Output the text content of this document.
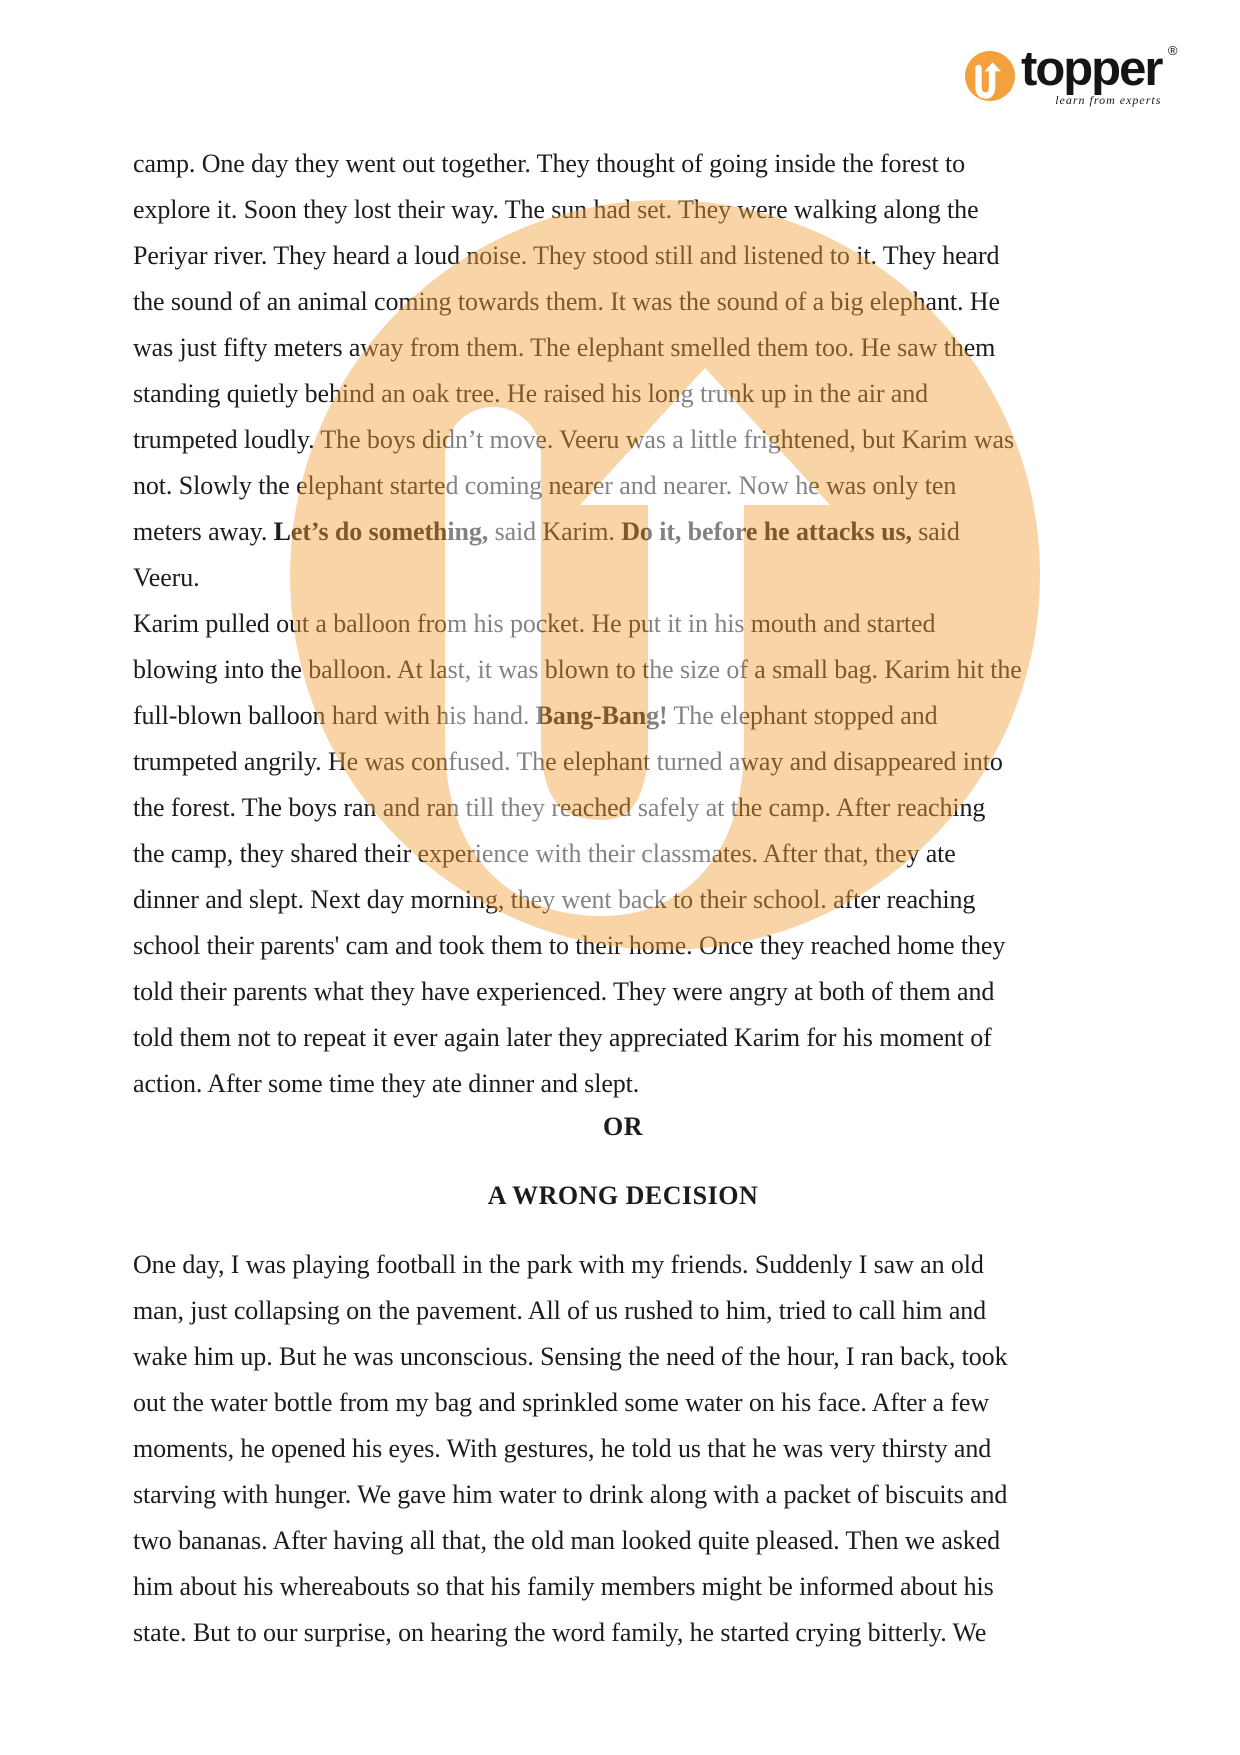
topper ®
learn from experts
camp. One day they went out together. They thought of going inside the forest to
explore it. Soon they lost their way. The sun had set. They were walking along the
Periyar river. They heard a loud noise. They stood still and listened to it. They heard
the sound of an animal coming towards them. It was the sound of a big elephant. He
was just fifty meters away from them. The elephant smelled them too. He saw them
standing quietly behind an oak tree. He raised his long trunk up in the air and
trumpeted loudly. The boys didn’t move. Veeru was a little frightened, but Karim was
not. Slowly the elephant started coming nearer and nearer. Now he was only ten
meters away. Let’s do something, said Karim. Do it, before he attacks us, said
Veeru.
Karim pulled out a balloon from his pocket. He put it in his mouth and started
blowing into the balloon. At last, it was blown to the size of a small bag. Karim hit the
full-blown balloon hard with his hand. Bang-Bang! The elephant stopped and
trumpeted angrily. He was confused. The elephant turned away and disappeared into
the forest. The boys ran and ran till they reached safely at the camp. After reaching
the camp, they shared their experience with their classmates. After that, they ate
dinner and slept. Next day morning, they went back to their school. after reaching
school their parents' cam and took them to their home. Once they reached home they
told their parents what they have experienced. They were angry at both of them and
told them not to repeat it ever again later they appreciated Karim for his moment of
action. After some time they ate dinner and slept.
OR
A WRONG DECISION
One day, I was playing football in the park with my friends. Suddenly I saw an old
man, just collapsing on the pavement. All of us rushed to him, tried to call him and
wake him up. But he was unconscious. Sensing the need of the hour, I ran back, took
out the water bottle from my bag and sprinkled some water on his face. After a few
moments, he opened his eyes. With gestures, he told us that he was very thirsty and
starving with hunger. We gave him water to drink along with a packet of biscuits and
two bananas. After having all that, the old man looked quite pleased. Then we asked
him about his whereabouts so that his family members might be informed about his
state. But to our surprise, on hearing the word family, he started crying bitterly. We
